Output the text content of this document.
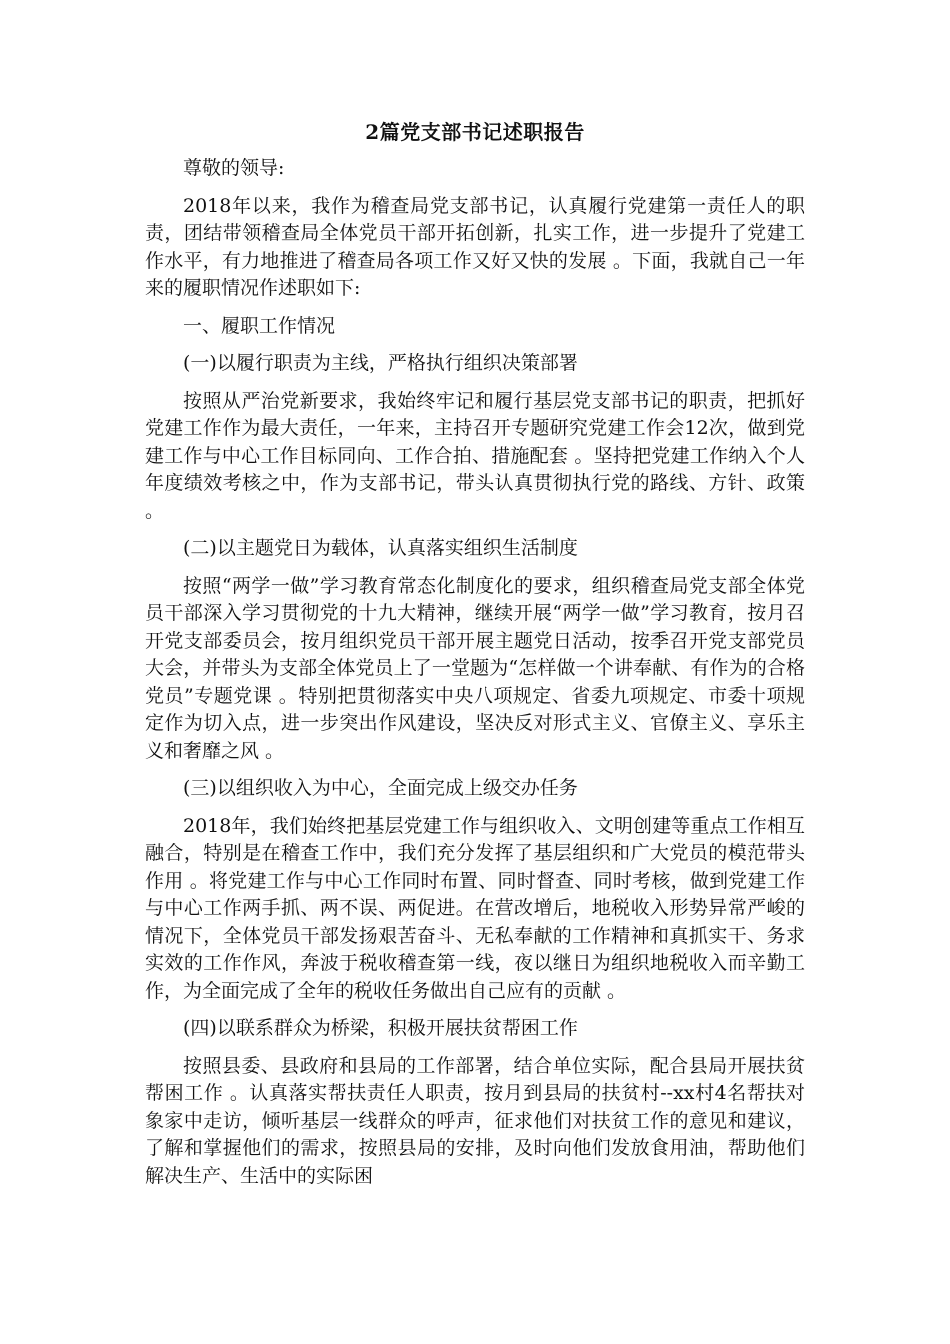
2篇党支部书记述职报告

尊敬的领导:

2018年以来，我作为稽查局党支部书记，认真履行党建第一责任人的职责，团结带领稽查局全体党员干部开拓创新，扎实工作，进一步提升了党建工作水平，有力地推进了稽查局各项工作又好又快的发展 。下面，我就自己一年来的履职情况作述职如下:

一、履职工作情况

(一)以履行职责为主线，严格执行组织决策部署

按照从严治党新要求，我始终牢记和履行基层党支部书记的职责，把抓好党建工作作为最大责任，一年来，主持召开专题研究党建工作会12次，做到党建工作与中心工作目标同向、工作合拍、措施配套 。坚持把党建工作纳入个人年度绩效考核之中，作为支部书记，带头认真贯彻执行党的路线、方针、政策 。

(二)以主题党日为载体，认真落实组织生活制度

按照“两学一做”学习教育常态化制度化的要求，组织稽查局党支部全体党员干部深入学习贯彻党的十九大精神，继续开展“两学一做”学习教育，按月召开党支部委员会，按月组织党员干部开展主题党日活动，按季召开党支部党员大会，并带头为支部全体党员上了一堂题为“怎样做一个讲奉献、有作为的合格党员”专题党课 。特别把贯彻落实中央八项规定、省委九项规定、市委十项规定作为切入点，进一步突出作风建设，坚决反对形式主义、官僚主义、享乐主义和奢靡之风 。

(三)以组织收入为中心，全面完成上级交办任务

2018年，我们始终把基层党建工作与组织收入、文明创建等重点工作相互融合，特别是在稽查工作中，我们充分发挥了基层组织和广大党员的模范带头作用 。将党建工作与中心工作同时布置、同时督查、同时考核，做到党建工作与中心工作两手抓、两不误、两促进。在营改增后，地税收入形势异常严峻的情况下，全体党员干部发扬艰苦奋斗、无私奉献的工作精神和真抓实干、务求实效的工作作风，奔波于税收稽查第一线，夜以继日为组织地税收入而辛勤工作，为全面完成了全年的税收任务做出自己应有的贡献 。

(四)以联系群众为桥梁，积极开展扶贫帮困工作

按照县委、县政府和县局的工作部署，结合单位实际，配合县局开展扶贫帮困工作 。认真落实帮扶责任人职责，按月到县局的扶贫村--xx村4名帮扶对象家中走访，倾听基层一线群众的呼声，征求他们对扶贫工作的意见和建议，了解和掌握他们的需求，按照县局的安排，及时向他们发放食用油，帮助他们解决生产、生活中的实际困
